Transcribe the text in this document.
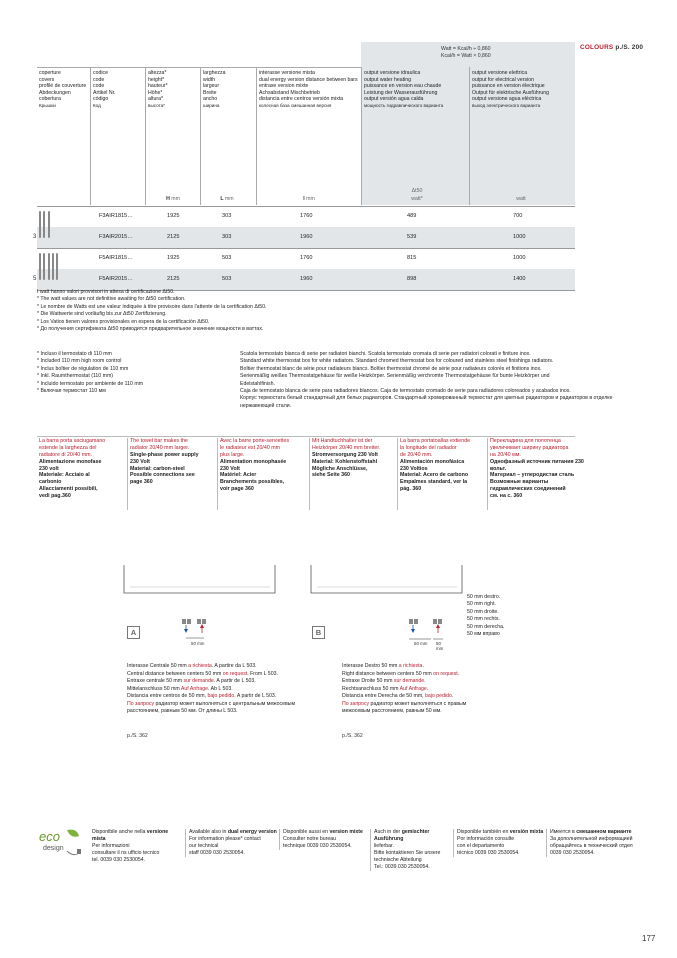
COLOURS p./S. 200
Watt = Kcal/h ÷ 0,860
Kcal/h = Watt × 0,860
coperture
covers
profilé de couverture
Abdeckungen
cobertura
Крышки
codice
code
code
Artikel Nr.
código
Код
altezza*
height*
hauteur*
Höhe*
altura*
высота*
larghezza
width
largeur
Breite
ancho
ширина
interasse versione mista
dual energy version distance between bars
entraxe version mixte
Achsabstand Mischbetrieb
distancia entre centros versión mixta
колесная база смешанная версия
output versione idraulica
output water heating
puissance en version eau chaude
Leistung der Wasserausführung
output versión agua calda
мощность гидравлического варианта
output versione elettrica
output for electrical version
puissance en version électrique
Output für elektrische Ausführung
output versione agua eléctrica
выход электрического варианта
H mm	L mm	I mm
Δt50
watt*	watt
F3AIR1815…	1925	303	1760	489	700
F3AIR2015…	2125	303	1960	539	1000
3
F5AIR1815…	1925	503	1760	815	1000
F5AIR2015…	2125	503	1960	898	1400
5
I watt hanno valori provvisori in attesa di certificazione Δt50.
* The watt values are not definitive awaiting for Δt50 certification.
* Le nombre de Watts est une valeur indiquée à titre provisoire dans l'attente de la certification Δt50.
* Die Wattwerte sind vorläufig bis zur Δt50 Zertifizierung.
* Los Vatios tienen valores provisionales en espera de la certificación Δt50.
* До получения сертификата Δt50 приводится предварительное значение мощности в ваттах.
* Incluso il termostato di 110 mm
* Included 110 mm high room control
* Inclus boîtier de régulation de 110 mm
* Inkl. Raumthermostat (110 mm)
* Incluido termostato por ambiente de 110 mm
* Включая термостат 110 мм
Scatola termostato bianca di serie per radiatori bianchi. Scatola termostato cromata di serie per radiatori colorati e finiture inox.
Standard white thermostat box for white radiators. Standard chromed thermostat box for coloured and stainless steel finishings radiators.
Boîtier thermostat blanc de série pour radiateurs blancs. Boîtier thermostat chromé de série pour radiateurs colorés et finitions inox.
Serienmäßig weißes Thermostatgehäuse für weiße Heizkörper. Serienmäßig verchromte Thermostatgehäuse für bunte Heizkörper und
Edelstahlfinish.
Caja de termostato blanca de serie para radiadores blancos. Caja de termostato cromado de serie para radiadores coloreados y acabados inox.
Корпус термостата белый стандартный для белых радиаторов. Стандартный хромированный термостат для цветных радиаторов и радиаторов в отделке
нержавеющей стали.
La barra porta asciugamano
estende la larghezza del
radiatore di 20/40 mm.
Alimentazione monofase
230 volt
Materiale: Acciaio al
carbonio
Allacciamenti possibili,
vedi pag.360
The towel bar makes the
radiator 20/40 mm larger.
Single-phase power supply
230 Volt
Material: carbon-steel
Possible connections see
page 360
Avec la barre porte-serviettes
le radiateur est 20/40 mm
plus large.
Alimentation monophasée
230 Volt
Matériel: Acier
Branchements possibles,
voir page 360
Mit Handtuchhalter ist der
Heizkörper 20/40 mm breiter.
Stromversorgung 230 Volt
Material: Kohlenstoffstahl
Mögliche Anschlüsse,
siehe Seite 360
La barra portatoallas extiende
la longitude del radiador
de 20/40 mm.
Alimentación monofásica
230 Voltios
Material: Acero de carbono
Empalmes standard, ver la
pág. 360
Перекладина для полотенца увеличивает ширину радиатора
на 20/40 мм.
Однофазный источник питания 230 вольт.
Материал – углеродистая сталь
Возможные варианты гидравлических соединений
см. на с. 360
50 mm
A
50 mm 50
mm
B
50 mm destro.
50 mm right.
50 mm droite.
50 mm rechts.
50 mm derecha.
50 мм вправо
Interasse Centrale 50 mm a richiesta. A partire da L 503.
Central distance between centers 50 mm on request. From L 503.
Entraxe centrale 50 mm sur demande. A partir de L 503.
Mittelanschluss 50 mm Auf Anfrage. Ab L 503.
Distancia entre centros de 50 mm, bajo pedido. A partir de L 503.
По запросу радиатор может выполняться с центральным межосевым
расстоянием, равным 50 мм. От длины L 503.
Interasse Destro 50 mm a richiesta.
Right distance between centers 50 mm on request.
Entraxe Droite 50 mm sur demande.
Rechtsanschluss 50 mm Auf Anfrage.
Distancia entre Derecha de 50 mm, bajo pedido.
По запросу радиатор может выполняться с правым
межосевым расстоянием, равным 50 мм.
p./S. 362	p./S. 362
eco
design
Disponibile anche nella versione mista
Per informazioni
consultare il ns ufficio tecnico
tel. 0039 030 2530054.
Available also in dual energy version
For information please* contact
our technical
staff 0039 030 2530054.
Disponible aussi en version mixte
Consulter notre bureau
technique 0039 030 2530054.
Auch in der gemischter Ausführung
lieferbar.
Bitte kontaktieren Sie unsere
technische Abteilung
Tel.: 0039 030 2530054.
Disponible también en versión mixta
Por información consulte
con el departamento
técnico 0039 030 2530054.
Имеется в смешанном варианте
За дополнительной информацией
обращайтесь в технический отдел
0039 030 2530054.
177
